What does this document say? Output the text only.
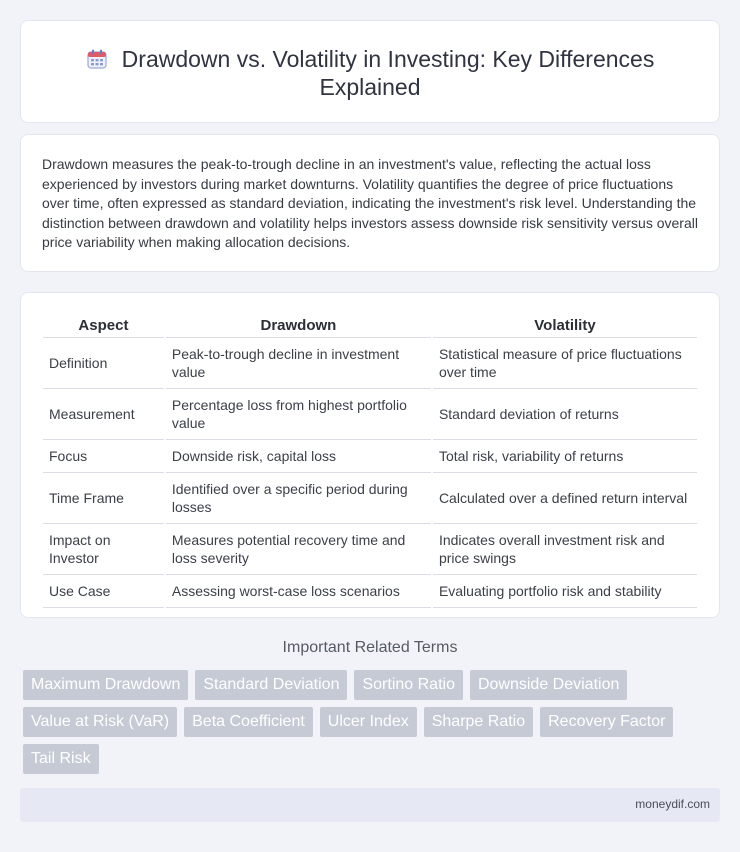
Drawdown vs. Volatility in Investing: Key Differences Explained

Drawdown measures the peak-to-trough decline in an investment's value, reflecting the actual loss experienced by investors during market downturns. Volatility quantifies the degree of price fluctuations over time, often expressed as standard deviation, indicating the investment's risk level. Understanding the distinction between drawdown and volatility helps investors assess downside risk sensitivity versus overall price variability when making allocation decisions.

Aspect	Drawdown	Volatility
Definition	Peak-to-trough decline in investment value	Statistical measure of price fluctuations over time
Measurement	Percentage loss from highest portfolio value	Standard deviation of returns
Focus	Downside risk, capital loss	Total risk, variability of returns
Time Frame	Identified over a specific period during losses	Calculated over a defined return interval
Impact on Investor	Measures potential recovery time and loss severity	Indicates overall investment risk and price swings
Use Case	Assessing worst-case loss scenarios	Evaluating portfolio risk and stability
Important Related Terms
Maximum Drawdown	Standard Deviation	Sortino Ratio	Downside Deviation
Value at Risk (VaR)	Beta Coefficient	Ulcer Index	Sharpe Ratio	Recovery Factor
Tail Risk
moneydif.com
